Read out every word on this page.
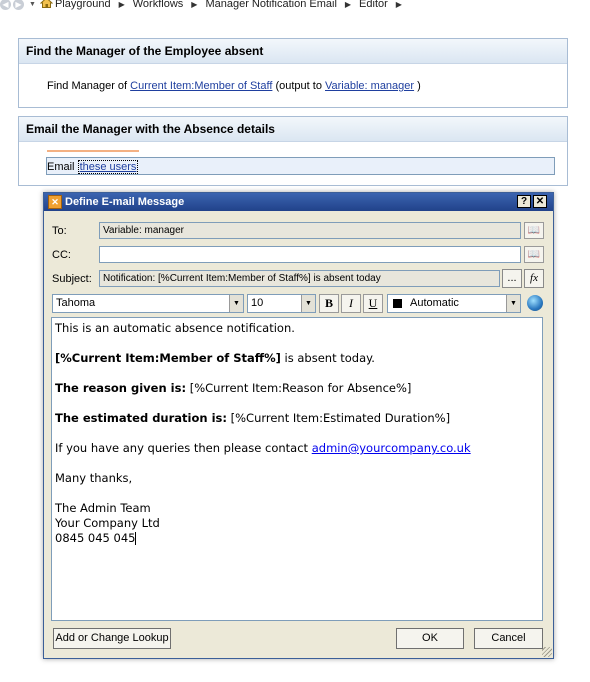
◀ ▶	▼ Playground ▶ Workflows ▶ Manager Notification Email ▶ Editor ▶
Find the Manager of the Employee absent
Find Manager of Current Item:Member of Staff (output to Variable: manager )
Email the Manager with the Absence details
Email these users
✕ Define E-mail Message	? ✕
To:	Variable: manager	📖
CC:	📖
Subject:	Notification: [%Current Item:Member of Staff%] is absent today	...	fx
Tahoma	▼	10	▼	B	I	U	Automatic	▼
This is an automatic absence notification.
[%Current Item:Member of Staff%] is absent today.
The reason given is: [%Current Item:Reason for Absence%]
The estimated duration is: [%Current Item:Estimated Duration%]
If you have any queries then please contact admin@yourcompany.co.uk
Many thanks,
The Admin Team
Your Company Ltd
0845 045 045
Add or Change Lookup	OK	Cancel
